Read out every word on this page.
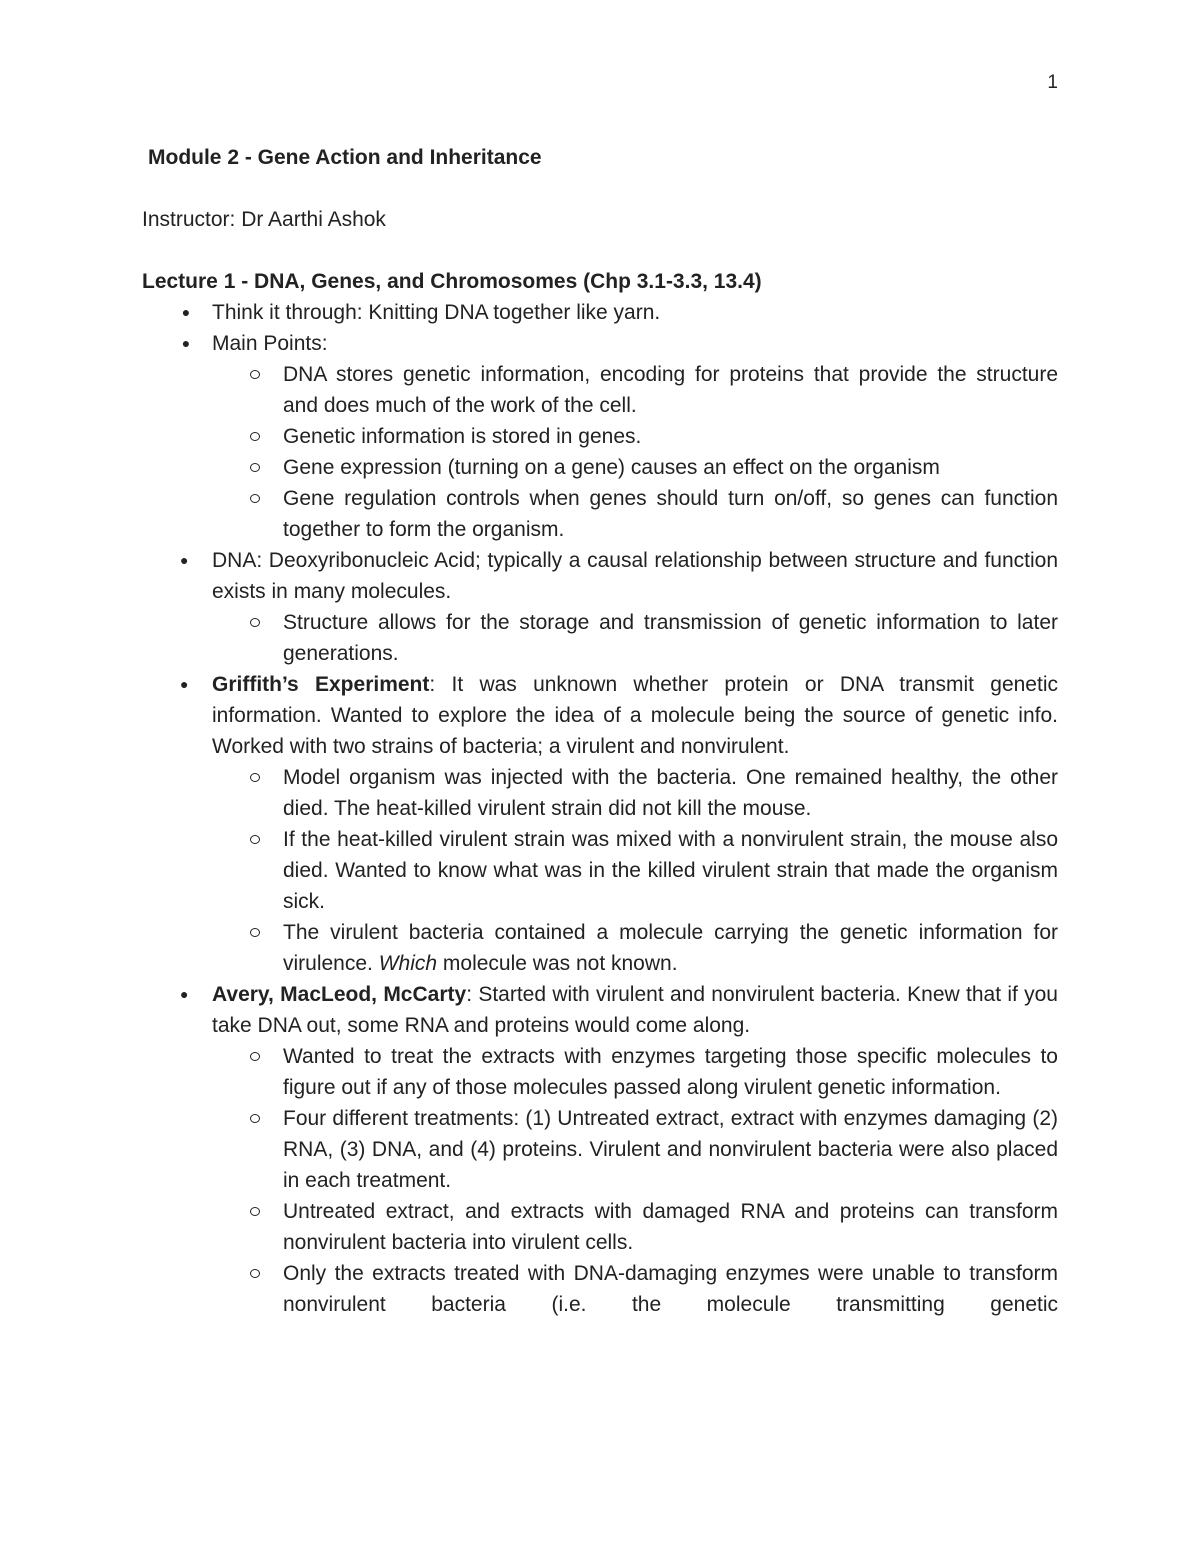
1
Module 2 - Gene Action and Inheritance
Instructor: Dr Aarthi Ashok
Lecture 1 - DNA, Genes, and Chromosomes (Chp 3.1-3.3, 13.4)
● Think it through: Knitting DNA together like yarn.
● Main Points:
DNA stores genetic information, encoding for proteins that provide the structure and does much of the work of the cell.
Genetic information is stored in genes.
Gene expression (turning on a gene) causes an effect on the organism
Gene regulation controls when genes should turn on/off, so genes can function together to form the organism.
● DNA: Deoxyribonucleic Acid; typically a causal relationship between structure and function exists in many molecules.
Structure allows for the storage and transmission of genetic information to later generations.
● Griffith’s Experiment: It was unknown whether protein or DNA transmit genetic information. Wanted to explore the idea of a molecule being the source of genetic info. Worked with two strains of bacteria; a virulent and nonvirulent.
Model organism was injected with the bacteria. One remained healthy, the other died. The heat-killed virulent strain did not kill the mouse.
If the heat-killed virulent strain was mixed with a nonvirulent strain, the mouse also died. Wanted to know what was in the killed virulent strain that made the organism sick.
The virulent bacteria contained a molecule carrying the genetic information for virulence. Which molecule was not known.
● Avery, MacLeod, McCarty: Started with virulent and nonvirulent bacteria. Knew that if you take DNA out, some RNA and proteins would come along.
Wanted to treat the extracts with enzymes targeting those specific molecules to figure out if any of those molecules passed along virulent genetic information.
Four different treatments: (1) Untreated extract, extract with enzymes damaging (2) RNA, (3) DNA, and (4) proteins. Virulent and nonvirulent bacteria were also placed in each treatment.
Untreated extract, and extracts with damaged RNA and proteins can transform nonvirulent bacteria into virulent cells.
Only the extracts treated with DNA-damaging enzymes were unable to transform nonvirulent bacteria (i.e. the molecule transmitting genetic
